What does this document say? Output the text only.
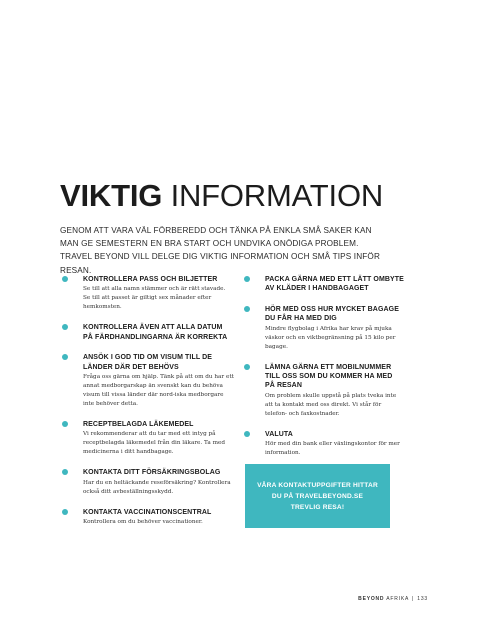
VIKTIG INFORMATION

GENOM ATT VARA VÄL FÖRBEREDD OCH TÄNKA PÅ ENKLA SMÅ SAKER KAN MAN GE SEMESTERN EN BRA START OCH UNDVIKA ONÖDIGA PROBLEM. TRAVEL BEYOND VILL DELGE DIG VIKTIG INFORMATION OCH SMÅ TIPS INFÖR RESAN.

KONTROLLERA PASS OCH BILJETTER
Se till att alla namn stämmer och är rätt stavade. Se till att passet är giltigt sex månader efter hemkomsten.
KONTROLLERA ÄVEN ATT ALLA DATUM PÅ FÄRDHANDLINGARNA ÄR KORREKTA
ANSÖK I GOD TID OM VISUM TILL DE LÄNDER DÄR DET BEHÖVS
Fråga oss gärna om hjälp. Tänk på att om du har ett annat medborgarskap än svenskt kan du behöva visum till vissa länder där nord-iska medborgare inte behöver detta.
RECEPTBELAGDA LÄKEMEDEL
Vi rekommenderar att du tar med ett intyg på receptbelagda läkemedel från din läkare. Ta med medicinerna i ditt handbagage.
KONTAKTA DITT FÖRSÄKRINGSBOLAG
Har du en heltäckande reseförsäkring? Kontrollera också ditt avbeställningsskydd.
KONTAKTA VACCINATIONSCENTRAL
Kontrollera om du behöver vaccinationer.
PACKA GÄRNA MED ETT LÄTT OMBYTE AV KLÄDER I HANDBAGAGET
HÖR MED OSS HUR MYCKET BAGAGE DU FÅR HA MED DIG
Mindre flygbolag i Afrika har krav på mjuka väskor och en viktbegränsning på 15 kilo per bagage.
LÄMNA GÄRNA ETT MOBILNUMMER TILL OSS SOM DU KOMMER HA MED PÅ RESAN
Om problem skulle uppstå på plats tveka inte att ta kontakt med oss direkt. Vi står för telefon- och faxkostnader.
VALUTA
Hör med din bank eller växlingskontor för mer information.
VÅRA KONTAKTUPPGIFTER HITTAR DU PÅ TRAVELBEYOND.SE TREVLIG RESA!
BEYOND AFRIKA | 133
